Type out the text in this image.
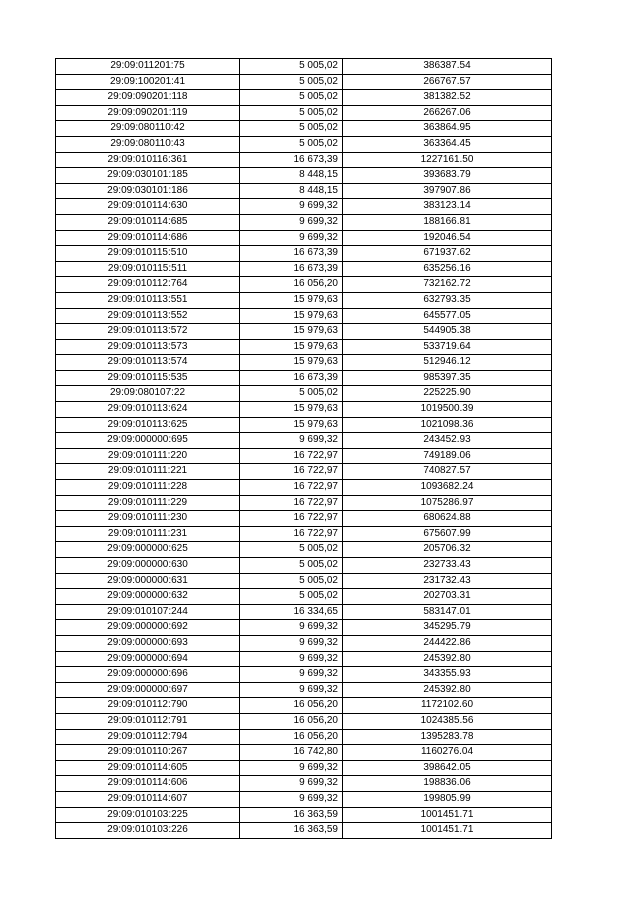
29:09:011201:75	5 005,02	386387.54
29:09:100201:41	5 005,02	266767.57
29:09:090201:118	5 005,02	381382.52
29:09:090201:119	5 005,02	266267.06
29:09:080110:42	5 005,02	363864.95
29:09:080110:43	5 005,02	363364.45
29:09:010116:361	16 673,39	1227161.50
29:09:030101:185	8 448,15	393683.79
29:09:030101:186	8 448,15	397907.86
29:09:010114:630	9 699,32	383123.14
29:09:010114:685	9 699,32	188166.81
29:09:010114:686	9 699,32	192046.54
29:09:010115:510	16 673,39	671937.62
29:09:010115:511	16 673,39	635256.16
29:09:010112:764	16 056,20	732162.72
29:09:010113:551	15 979,63	632793.35
29:09:010113:552	15 979,63	645577.05
29:09:010113:572	15 979,63	544905.38
29:09:010113:573	15 979,63	533719.64
29:09:010113:574	15 979,63	512946.12
29:09:010115:535	16 673,39	985397.35
29:09:080107:22	5 005,02	225225.90
29:09:010113:624	15 979,63	1019500.39
29:09:010113:625	15 979,63	1021098.36
29:09:000000:695	9 699,32	243452.93
29:09:010111:220	16 722,97	749189.06
29:09:010111:221	16 722,97	740827.57
29:09:010111:228	16 722,97	1093682.24
29:09:010111:229	16 722,97	1075286.97
29:09:010111:230	16 722,97	680624.88
29:09:010111:231	16 722,97	675607.99
29:09:000000:625	5 005,02	205706.32
29:09:000000:630	5 005,02	232733.43
29:09:000000:631	5 005,02	231732.43
29:09:000000:632	5 005,02	202703.31
29:09:010107:244	16 334,65	583147.01
29:09:000000:692	9 699,32	345295.79
29:09:000000:693	9 699,32	244422.86
29:09:000000:694	9 699,32	245392.80
29:09:000000:696	9 699,32	343355.93
29:09:000000:697	9 699,32	245392.80
29:09:010112:790	16 056,20	1172102.60
29:09:010112:791	16 056,20	1024385.56
29:09:010112:794	16 056,20	1395283.78
29:09:010110:267	16 742,80	1160276.04
29:09:010114:605	9 699,32	398642.05
29:09:010114:606	9 699,32	198836.06
29:09:010114:607	9 699,32	199805.99
29:09:010103:225	16 363,59	1001451.71
29:09:010103:226	16 363,59	1001451.71
